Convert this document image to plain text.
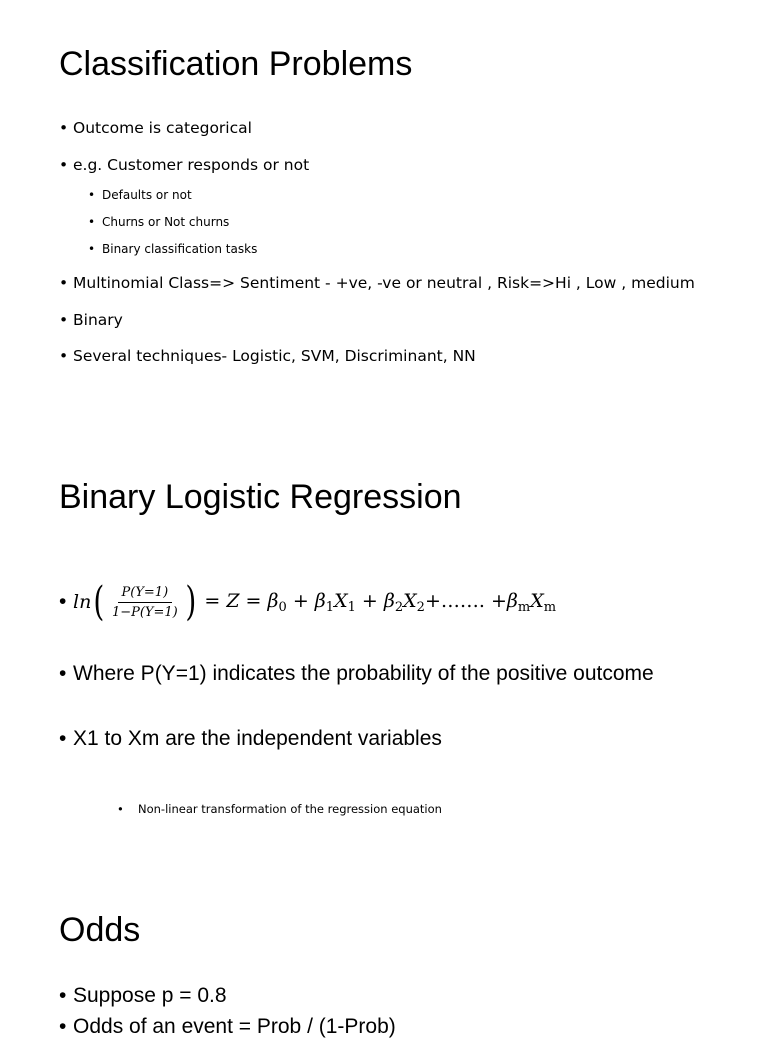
Classification Problems
• Outcome is categorical
• e.g. Customer responds or not
• Defaults or not
• Churns or Not churns
• Binary classification tasks
• Multinomial Class=> Sentiment - +ve, -ve or neutral , Risk=>Hi , Low , medium
• Binary
• Several techniques- Logistic, SVM, Discriminant, NN
Binary Logistic Regression
• ln ( $\frac{P(Y=1)}{1-P(Y=1)}$ ) = $Z = \beta_0 + \beta_1X_1$ + $\beta_2X_2+\dots\dots$. $+\beta_mX_m$
• Where P(Y=1) indicates the probability of the positive outcome
• X1 to Xm are the independent variables
• Non-linear transformation of the regression equation
Odds
• Suppose p = 0.8
• Odds of an event = Prob / (1-Prob)
